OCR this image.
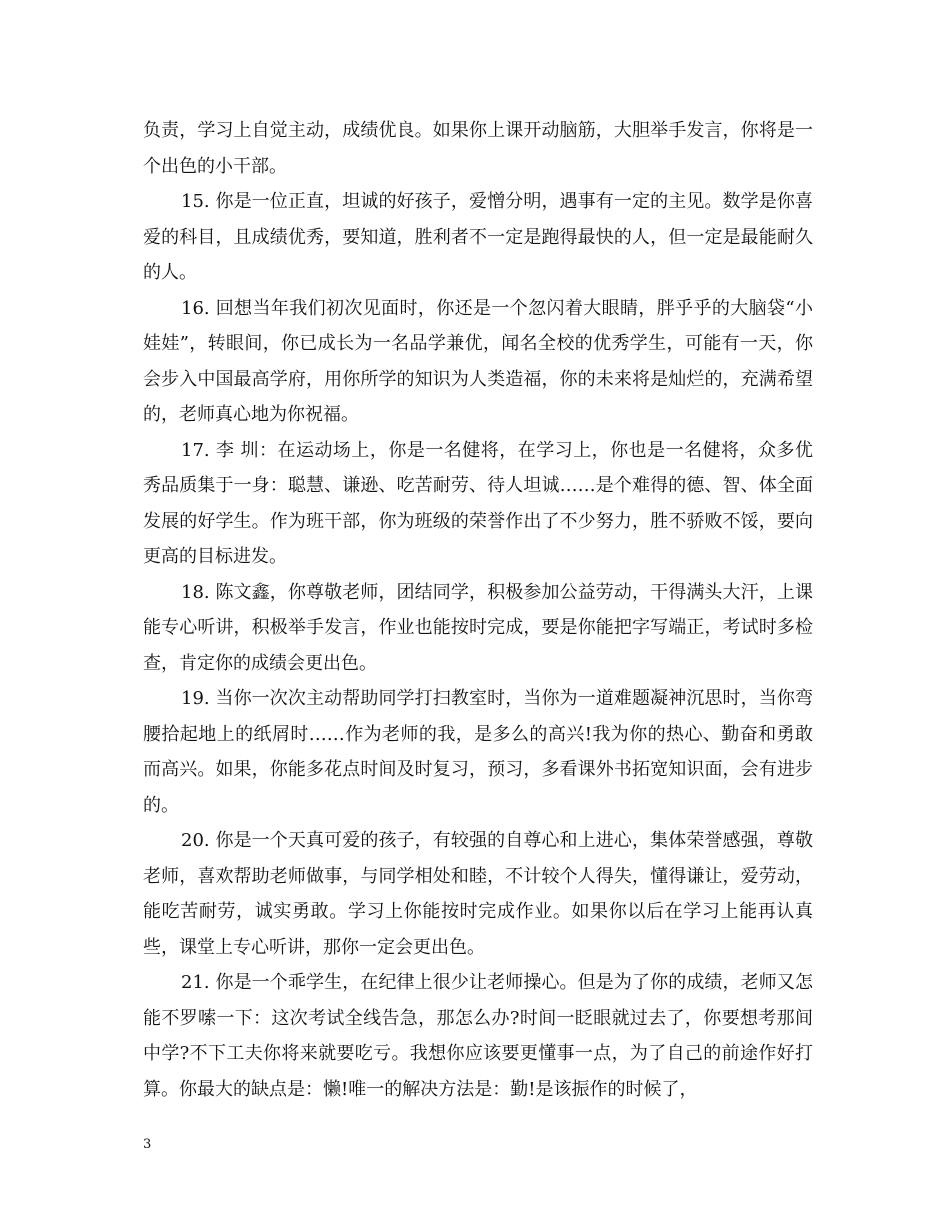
负责，学习上自觉主动，成绩优良。如果你上课开动脑筋，大胆举手发言，你将是一个出色的小干部。

15. 你是一位正直，坦诚的好孩子，爱憎分明，遇事有一定的主见。数学是你喜爱的科目，且成绩优秀，要知道，胜利者不一定是跑得最快的人，但一定是最能耐久的人。

16. 回想当年我们初次见面时，你还是一个忽闪着大眼睛，胖乎乎的大脑袋“小娃娃”，转眼间，你已成长为一名品学兼优，闻名全校的优秀学生，可能有一天，你会步入中国最高学府，用你所学的知识为人类造福，你的未来将是灿烂的，充满希望的，老师真心地为你祝福。

17. 李 圳：在运动场上，你是一名健将，在学习上，你也是一名健将，众多优秀品质集于一身：聪慧、谦逊、吃苦耐劳、待人坦诚……是个难得的德、智、体全面发展的好学生。作为班干部，你为班级的荣誉作出了不少努力，胜不骄败不馁，要向更高的目标进发。

18. 陈文鑫，你尊敬老师，团结同学，积极参加公益劳动，干得满头大汗，上课能专心听讲，积极举手发言，作业也能按时完成，要是你能把字写端正，考试时多检查，肯定你的成绩会更出色。

19. 当你一次次主动帮助同学打扫教室时，当你为一道难题凝神沉思时，当你弯腰拾起地上的纸屑时……作为老师的我，是多么的高兴!我为你的热心、勤奋和勇敢而高兴。如果，你能多花点时间及时复习，预习，多看课外书拓宽知识面，会有进步的。

20. 你是一个天真可爱的孩子，有较强的自尊心和上进心，集体荣誉感强，尊敬老师，喜欢帮助老师做事，与同学相处和睦，不计较个人得失，懂得谦让，爱劳动，能吃苦耐劳，诚实勇敢。学习上你能按时完成作业。如果你以后在学习上能再认真些，课堂上专心听讲，那你一定会更出色。

21. 你是一个乖学生，在纪律上很少让老师操心。但是为了你的成绩，老师又怎能不罗嗦一下：这次考试全线告急，那怎么办?时间一眨眼就过去了，你要想考那间中学?不下工夫你将来就要吃亏。我想你应该要更懂事一点，为了自己的前途作好打算。你最大的缺点是：懒!唯一的解决方法是：勤!是该振作的时候了，

3
